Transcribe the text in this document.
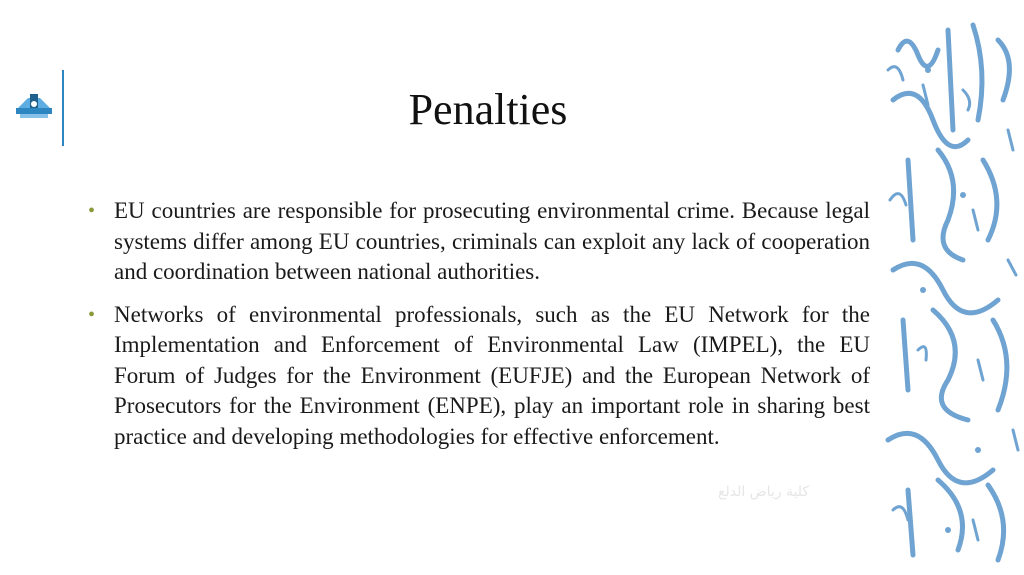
Penalties
• EU countries are responsible for prosecuting environmental crime. Because legal systems differ among EU countries, criminals can exploit any lack of cooperation and coordination between national authorities.
• Networks of environmental professionals, such as the EU Network for the Implementation and Enforcement of Environmental Law (IMPEL), the EU Forum of Judges for the Environment (EUFJE) and the European Network of Prosecutors for the Environment (ENPE), play an important role in sharing best practice and developing methodologies for effective enforcement.
كلية رياض الدلع
